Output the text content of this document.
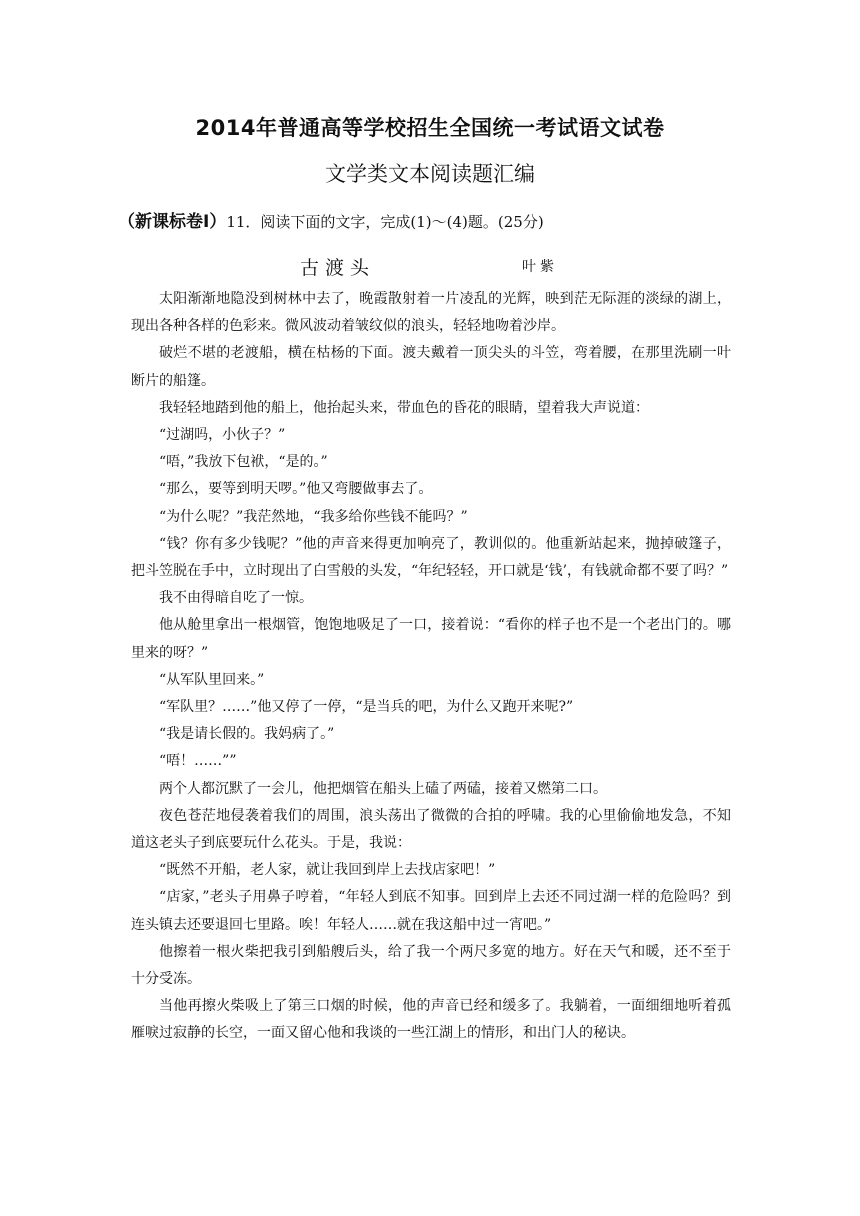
2014年普通高等学校招生全国统一考试语文试卷
文学类文本阅读题汇编
（新课标卷Ⅰ）11．阅读下面的文字，完成(1)～(4)题。(25分)
古渡头	叶紫

太阳渐渐地隐没到树林中去了，晚霞散射着一片凌乱的光辉，映到茫无际涯的淡绿的湖上，现出各种各样的色彩来。微风波动着皱纹似的浪头，轻轻地吻着沙岸。

破烂不堪的老渡船，横在枯杨的下面。渡夫戴着一顶尖头的斗笠，弯着腰，在那里洗刷一叶断片的船篷。

我轻轻地踏到他的船上，他抬起头来，带血色的昏花的眼睛，望着我大声说道：

“过湖吗，小伙子？”

“唔，”我放下包袱，“是的。”

“那么，要等到明天啰。”他又弯腰做事去了。

“为什么呢？”我茫然地，“我多给你些钱不能吗？”

“钱？你有多少钱呢？”他的声音来得更加响亮了，教训似的。他重新站起来，抛掉破篷子，把斗笠脱在手中，立时现出了白雪般的头发，“年纪轻轻，开口就是‘钱’，有钱就命都不要了吗？”

我不由得暗自吃了一惊。

他从舱里拿出一根烟管，饱饱地吸足了一口，接着说：“看你的样子也不是一个老出门的。哪里来的呀？”

“从军队里回来。”

“军队里？……”他又停了一停，“是当兵的吧，为什么又跑开来呢?”

“我是请长假的。我妈病了。”

“唔！……””

两个人都沉默了一会儿，他把烟管在船头上磕了两磕，接着又燃第二口。

夜色苍茫地侵袭着我们的周围，浪头荡出了微微的合拍的呼啸。我的心里偷偷地发急，不知道这老头子到底要玩什么花头。于是，我说：

“既然不开船，老人家，就让我回到岸上去找店家吧！”

“店家，”老头子用鼻子哼着，“年轻人到底不知事。回到岸上去还不同过湖一样的危险吗？到连头镇去还要退回七里路。唉！年轻人……就在我这船中过一宵吧。”

他擦着一根火柴把我引到船艘后头，给了我一个两尺多宽的地方。好在天气和暖，还不至于十分受冻。

当他再擦火柴吸上了第三口烟的时候，他的声音已经和缓多了。我躺着，一面细细地听着孤雁唳过寂静的长空，一面又留心他和我谈的一些江湖上的情形，和出门人的秘诀。
